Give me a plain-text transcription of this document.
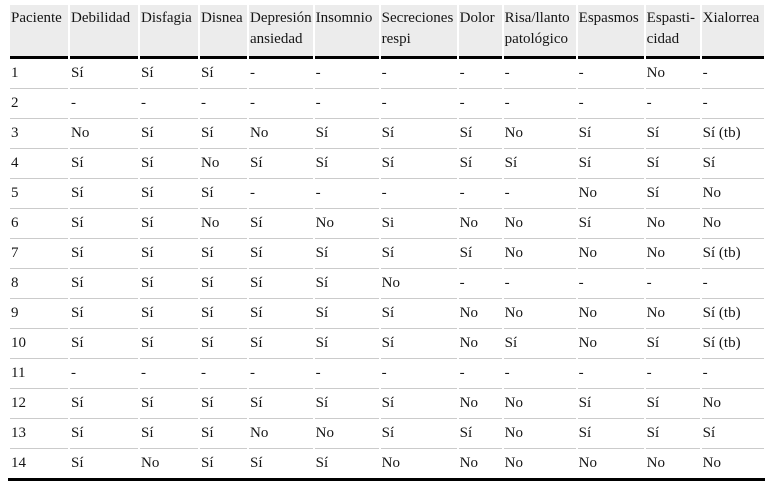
Paciente	Debilidad	Disfagia	Disnea	Depresión ansiedad	Insomnio	Secreciones respi	Dolor	Risa/llanto patológico	Espasmos	Espasti-cidad	Xialorrea
1	Sí	Sí	Sí	-	-	-	-	-	-	No	-
2	-	-	-	-	-	-	-	-	-	-	-
3	No	Sí	Sí	No	Sí	Sí	Sí	No	Sí	Sí	Sí (tb)
4	Sí	Sí	No	Sí	Sí	Sí	Sí	Sí	Sí	Sí	Sí
5	Sí	Sí	Sí	-	-	-	-	-	No	Sí	No
6	Sí	Sí	No	Sí	No	Si	No	No	Sí	No	No
7	Sí	Sí	Sí	Sí	Sí	Sí	Sí	No	No	No	Sí (tb)
8	Sí	Sí	Sí	Sí	Sí	No	-	-	-	-	-
9	Sí	Sí	Sí	Sí	Sí	Sí	No	No	No	No	Sí (tb)
10	Sí	Sí	Sí	Sí	Sí	Sí	No	Sí	No	Sí	Sí (tb)
11	-	-	-	-	-	-	-	-	-	-	-
12	Sí	Sí	Sí	Sí	Sí	Sí	No	No	Sí	Sí	No
13	Sí	Sí	Sí	No	No	Sí	Sí	No	Sí	Sí	Sí
14	Sí	No	Sí	Sí	Sí	No	No	No	No	No	No
